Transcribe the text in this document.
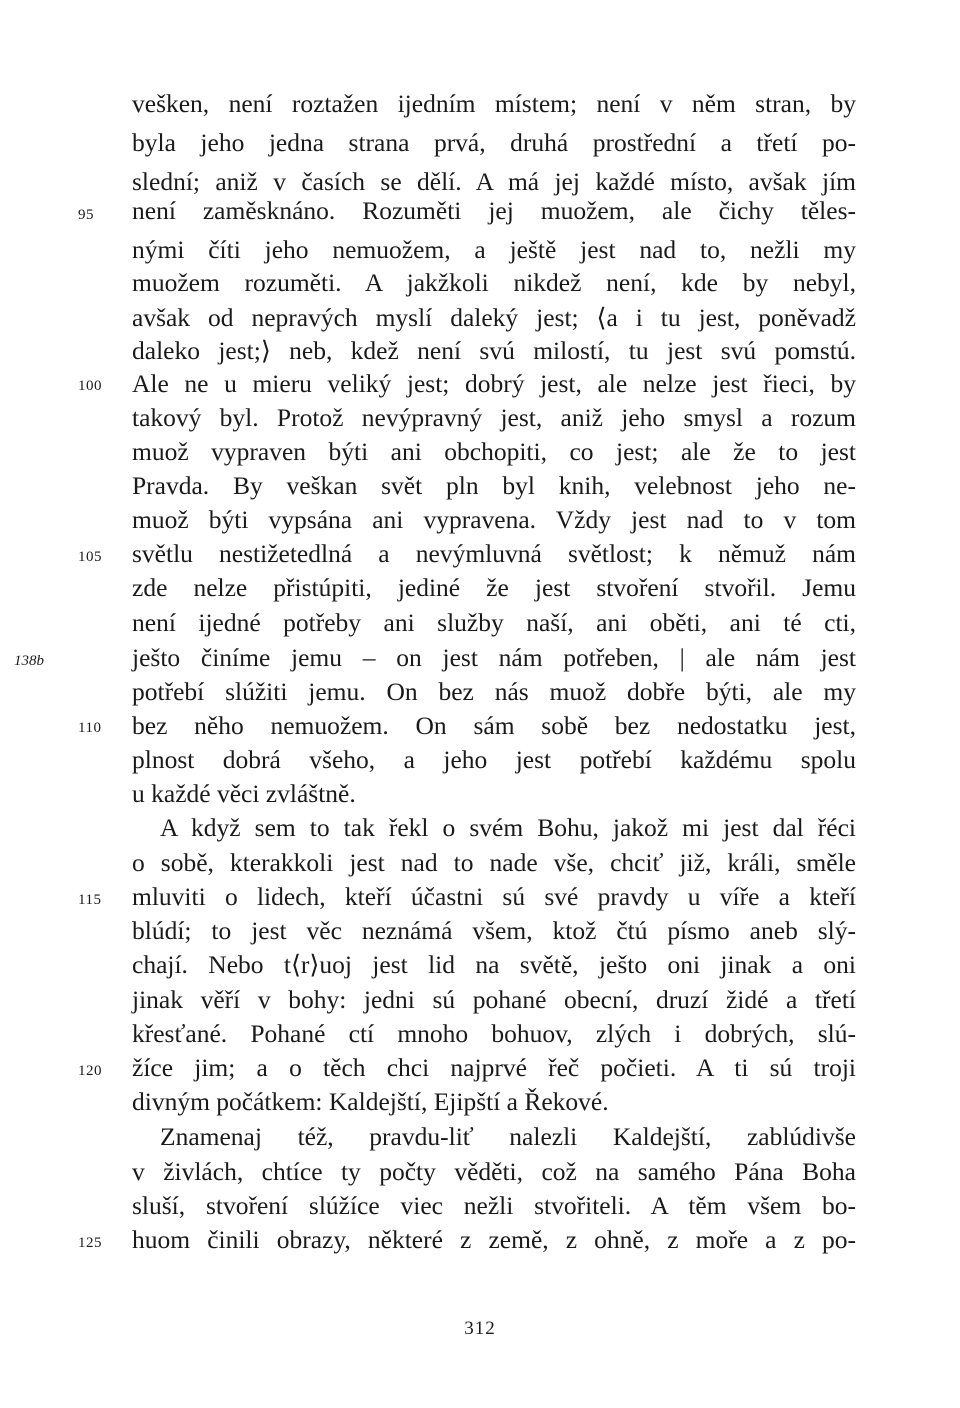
vešken, není roztažen ijedním místem; není v něm stran, by
byla jeho jedna strana prvá, druhá prostřední a třetí po-
slední; aniž v časích se dělí. A má jej každé místo, avšak jím
95	není zaměsknáno. Rozuměti jej muožem, ale čichy těles-
nými číti jeho nemuožem, a ještě jest nad to, nežli my
muožem rozuměti. A jakžkoli nikdež není, kde by nebyl,
avšak od nepravých myslí daleký jest; ⟨a i tu jest, poněvadž
daleko jest;⟩ neb, kdež není svú milostí, tu jest svú pomstú.
100	Ale ne u mieru veliký jest; dobrý jest, ale nelze jest řieci, by
takový byl. Protož nevýpravný jest, aniž jeho smysl a rozum
muož vypraven býti ani obchopiti, co jest; ale že to jest
Pravda. By veškan svět pln byl knih, velebnost jeho ne-
muož býti vypsána ani vypravena. Vždy jest nad to v tom
105	světlu nestižetedlná a nevýmluvná světlost; k němuž nám
zde nelze přistúpiti, jediné že jest stvoření stvořil. Jemu
není ijedné potřeby ani služby naší, ani oběti, ani té cti,
138b	ješto činíme jemu – on jest nám potřeben, | ale nám jest
potřebí slúžiti jemu. On bez nás muož dobře býti, ale my
110	bez něho nemuožem. On sám sobě bez nedostatku jest,
plnost dobrá všeho, a jeho jest potřebí každému spolu
u každé věci zvláštně.
A když sem to tak řekl o svém Bohu, jakož mi jest dal řéci
o sobě, kterakkoli jest nad to nade vše, chciť již, králi, směle
115	mluviti o lidech, kteří účastni sú své pravdy u víře a kteří
blúdí; to jest věc neznámá všem, ktož čtú písmo aneb slý-
chají. Nebo t⟨r⟩uoj jest lid na světě, ješto oni jinak a oni
jinak věří v bohy: jedni sú pohané obecní, druzí židé a třetí
křesťané. Pohané ctí mnoho bohuov, zlých i dobrých, slú-
120	žíce jim; a o těch chci najprvé řeč počieti. A ti sú troji
divným počátkem: Kaldejští, Ejipští a Řekové.
Znamenaj též, pravdu-liť nalezli Kaldejští, zablúdivše
v živlách, chtíce ty počty věděti, což na samého Pána Boha
sluší, stvoření slúžíce viec nežli stvořiteli. A těm všem bo-
125	huom činili obrazy, některé z země, z ohně, z moře a z po-
312
